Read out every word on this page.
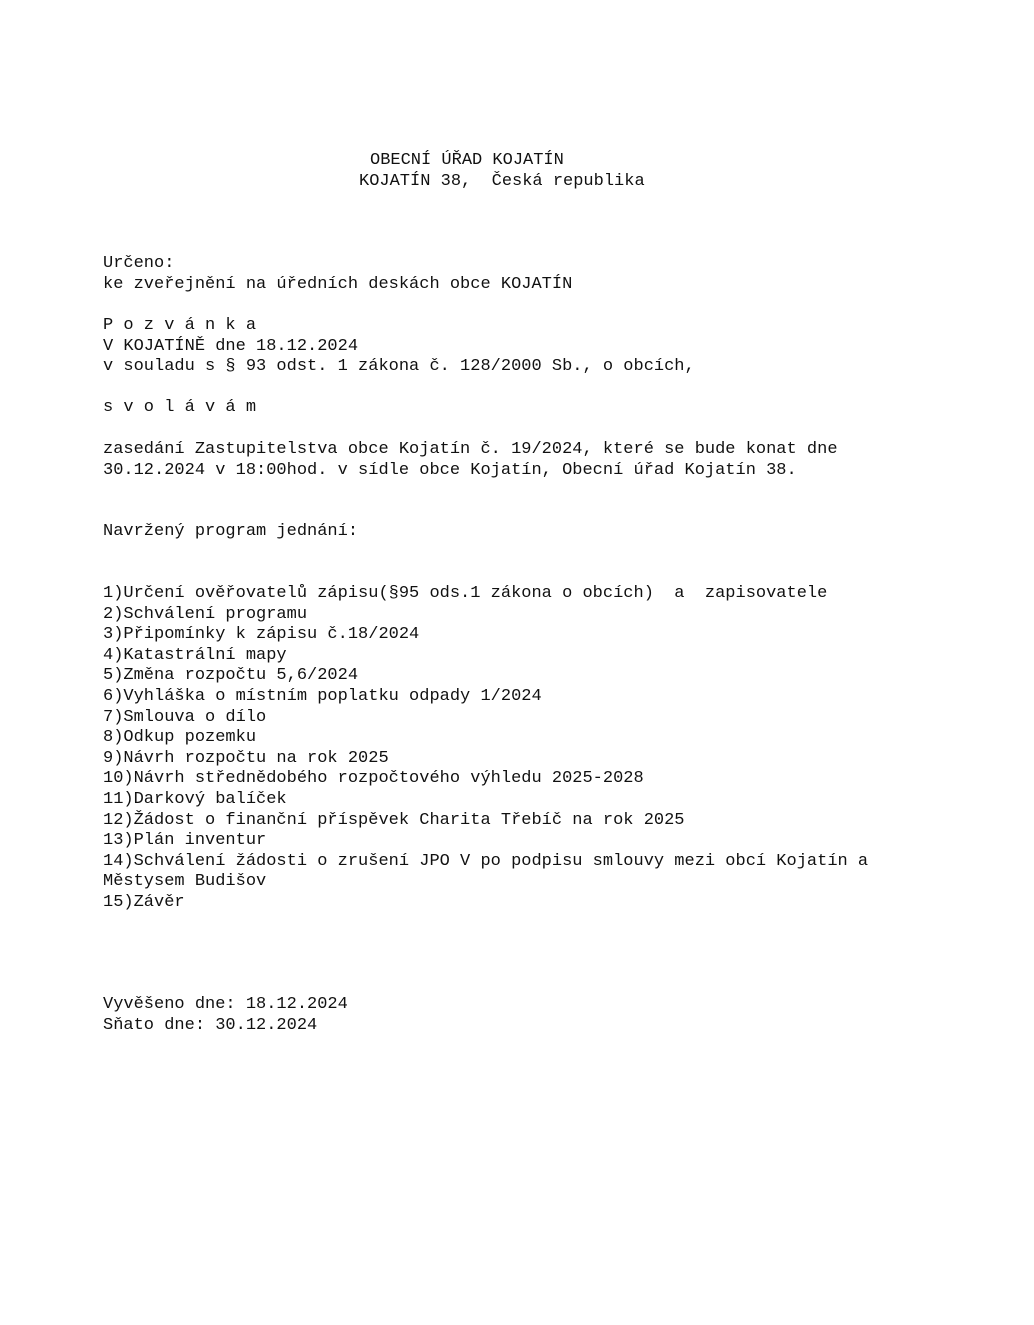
OBECNÍ ÚŘAD KOJATÍN
KOJATÍN 38,  Česká republika
Určeno:
ke zveřejnění na úředních deskách obce KOJATÍN
P o z v á n k a
V KOJATÍNĚ dne 18.12.2024
v souladu s § 93 odst. 1 zákona č. 128/2000 Sb., o obcích,
s v o l á v á m
zasedání Zastupitelstva obce Kojatín č. 19/2024, které se bude konat dne
30.12.2024 v 18:00hod. v sídle obce Kojatín, Obecní úřad Kojatín 38.
Navržený program jednání:
1)Určení ověřovatelů zápisu(§95 ods.1 zákona o obcích)  a  zapisovatele
2)Schválení programu
3)Připomínky k zápisu č.18/2024
4)Katastrální mapy
5)Změna rozpočtu 5,6/2024
6)Vyhláška o místním poplatku odpady 1/2024
7)Smlouva o dílo
8)Odkup pozemku
9)Návrh rozpočtu na rok 2025
10)Návrh střednědobého rozpočtového výhledu 2025-2028
11)Darkový balíček
12)Žádost o finanční příspěvek Charita Třebíč na rok 2025
13)Plán inventur
14)Schválení žádosti o zrušení JPO V po podpisu smlouvy mezi obcí Kojatín a
Městysem Budišov
15)Závěr
Vyvěšeno dne: 18.12.2024
Sňato dne: 30.12.2024
